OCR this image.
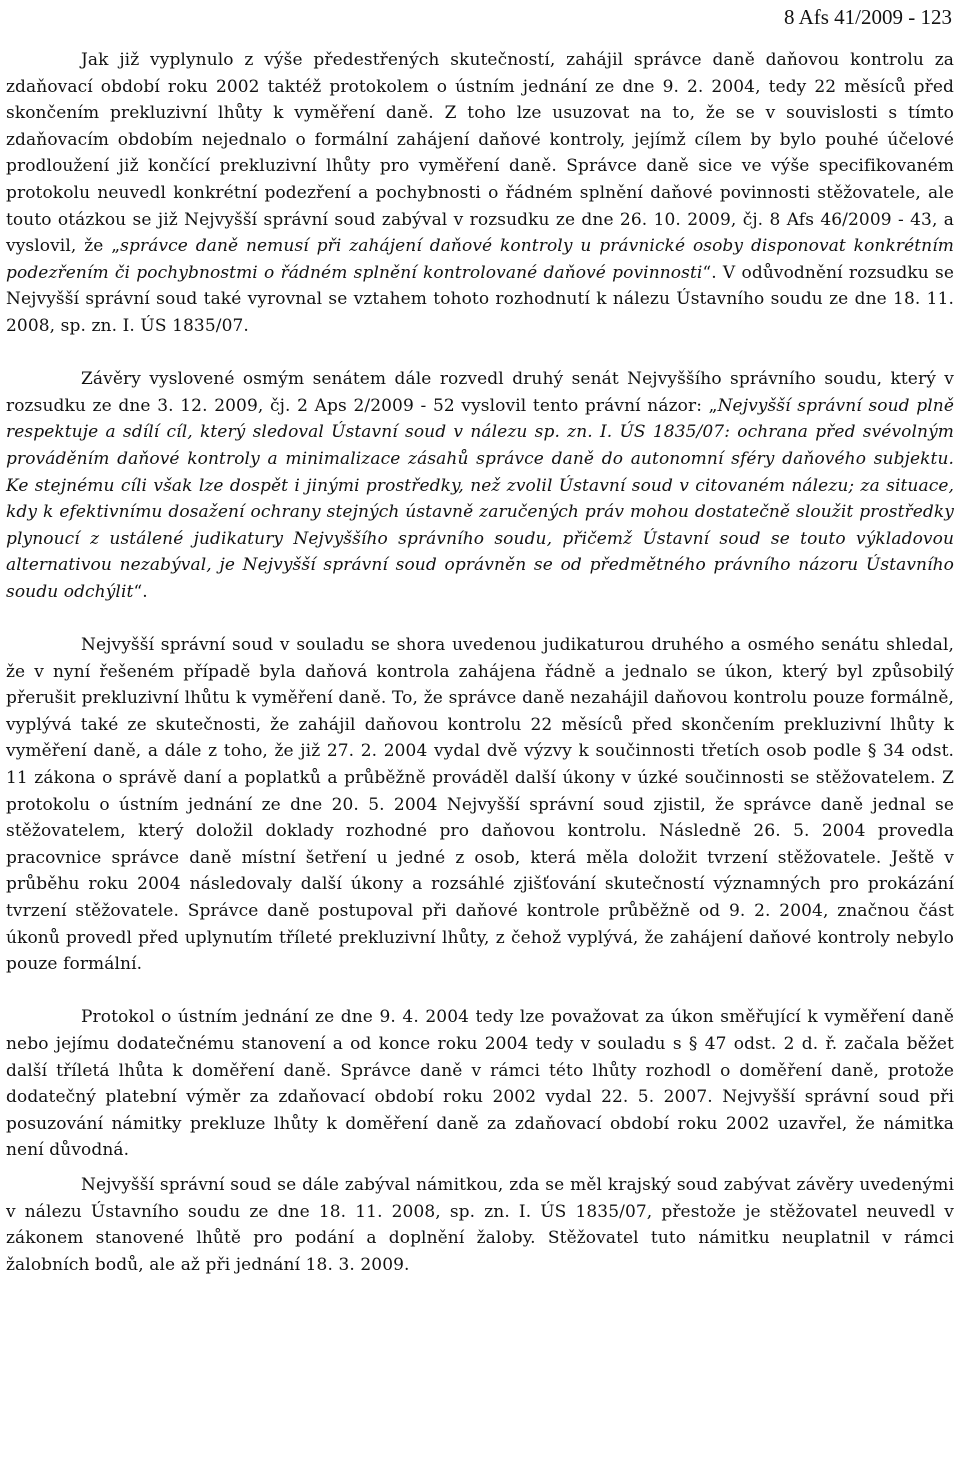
8 Afs 41/2009 - 123

Jak již vyplynulo z výše předestřených skutečností, zahájil správce daně daňovou kontrolu za zdaňovací období roku 2002 taktéž protokolem o ústním jednání ze dne 9. 2. 2004, tedy 22 měsíců před skončením prekluzivní lhůty k vyměření daně. Z toho lze usuzovat na to, že se v souvislosti s tímto zdaňovacím obdobím nejednalo o formální zahájení daňové kontroly, jejímž cílem by bylo pouhé účelové prodloužení již končící prekluzivní lhůty pro vyměření daně. Správce daně sice ve výše specifikovaném protokolu neuvedl konkrétní podezření a pochybnosti o řádném splnění daňové povinnosti stěžovatele, ale touto otázkou se již Nejvyšší správní soud zabýval v rozsudku ze dne 26. 10. 2009, čj. 8 Afs 46/2009 - 43, a vyslovil, že „správce daně nemusí při zahájení daňové kontroly u právnické osoby disponovat konkrétním podezřením či pochybnostmi o řádném splnění kontrolované daňové povinnosti“. V odůvodnění rozsudku se Nejvyšší správní soud také vyrovnal se vztahem tohoto rozhodnutí k nálezu Ústavního soudu ze dne 18. 11. 2008, sp. zn. I. ÚS 1835/07.

Závěry vyslovené osmým senátem dále rozvedl druhý senát Nejvyššího správního soudu, který v rozsudku ze dne 3. 12. 2009, čj. 2 Aps 2/2009 - 52 vyslovil tento právní názor: „Nejvyšší správní soud plně respektuje a sdílí cíl, který sledoval Ústavní soud v nálezu sp. zn. I. ÚS 1835/07: ochrana před svévolným prováděním daňové kontroly a minimalizace zásahů správce daně do autonomní sféry daňového subjektu. Ke stejnému cíli však lze dospět i jinými prostředky, než zvolil Ústavní soud v citovaném nálezu; za situace, kdy k efektivnímu dosažení ochrany stejných ústavně zaručených práv mohou dostatečně sloužit prostředky plynoucí z ustálené judikatury Nejvyššího správního soudu, přičemž Ústavní soud se touto výkladovou alternativou nezabýval, je Nejvyšší správní soud oprávněn se od předmětného právního názoru Ústavního soudu odchýlit“.

Nejvyšší správní soud v souladu se shora uvedenou judikaturou druhého a osmého senátu shledal, že v nyní řešeném případě byla daňová kontrola zahájena řádně a jednalo se úkon, který byl způsobilý přerušit prekluzivní lhůtu k vyměření daně. To, že správce daně nezahájil daňovou kontrolu pouze formálně, vyplývá také ze skutečnosti, že zahájil daňovou kontrolu 22 měsíců před skončením prekluzivní lhůty k vyměření daně, a dále z toho, že již 27. 2. 2004 vydal dvě výzvy k součinnosti třetích osob podle § 34 odst. 11 zákona o správě daní a poplatků a průběžně prováděl další úkony v úzké součinnosti se stěžovatelem. Z protokolu o ústním jednání ze dne 20. 5. 2004 Nejvyšší správní soud zjistil, že správce daně jednal se stěžovatelem, který doložil doklady rozhodné pro daňovou kontrolu. Následně 26. 5. 2004 provedla pracovnice správce daně místní šetření u jedné z osob, která měla doložit tvrzení stěžovatele. Ještě v průběhu roku 2004 následovaly další úkony a rozsáhlé zjišťování skutečností významných pro prokázání tvrzení stěžovatele. Správce daně postupoval při daňové kontrole průběžně od 9. 2. 2004, značnou část úkonů provedl před uplynutím tříleté prekluzivní lhůty, z čehož vyplývá, že zahájení daňové kontroly nebylo pouze formální.

Protokol o ústním jednání ze dne 9. 4. 2004 tedy lze považovat za úkon směřující k vyměření daně nebo jejímu dodatečnému stanovení a od konce roku 2004 tedy v souladu s § 47 odst. 2 d. ř. začala běžet další tříletá lhůta k doměření daně. Správce daně v rámci této lhůty rozhodl o doměření daně, protože dodatečný platební výměr za zdaňovací období roku 2002 vydal 22. 5. 2007. Nejvyšší správní soud při posuzování námitky prekluze lhůty k doměření daně za zdaňovací období roku 2002 uzavřel, že námitka není důvodná.

Nejvyšší správní soud se dále zabýval námitkou, zda se měl krajský soud zabývat závěry uvedenými v nálezu Ústavního soudu ze dne 18. 11. 2008, sp. zn. I. ÚS 1835/07, přestože je stěžovatel neuvedl v zákonem stanovené lhůtě pro podání a doplnění žaloby. Stěžovatel tuto námitku neuplatnil v rámci žalobních bodů, ale až při jednání 18. 3. 2009.
